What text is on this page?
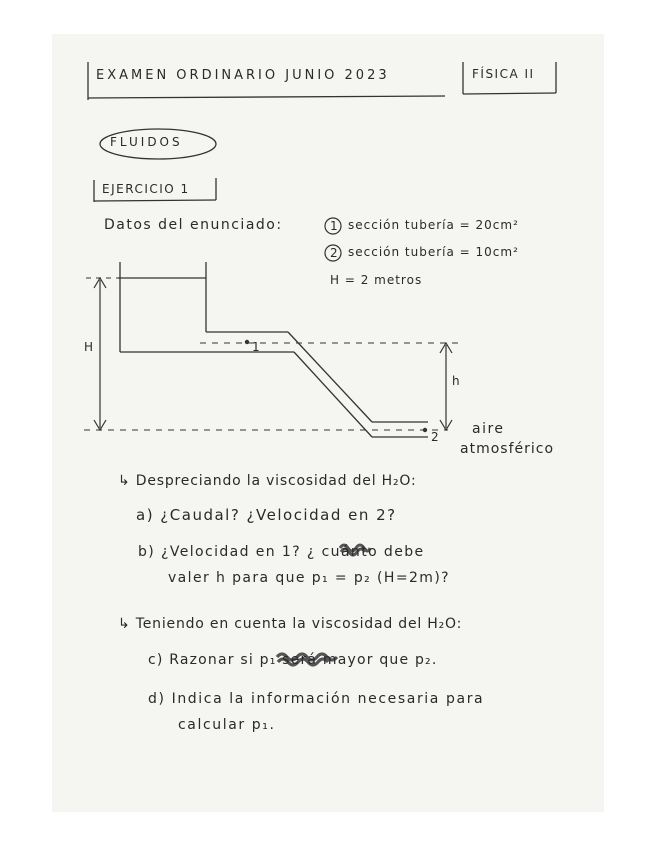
EXAMEN ORDINARIO JUNIO 2023	FÍSICA II
FLUIDOS
EJERCICIO 1
Datos del enunciado:	1 sección tubería = 20cm²
2 sección tubería = 10cm²
H = 2 metros
H
h
1
2 aire
atmosférico
↳ Despreciando la viscosidad del H₂O:
a) ¿Caudal? ¿Velocidad en 2?
b) ¿Velocidad en 1? ¿ cuánto debe
valer h para que p₁ = p₂ (H=2m)?
↳ Teniendo en cuenta la viscosidad del H₂O:
c) Razonar si p₁ será mayor que p₂.
d) Indica la información necesaria para
calcular p₁.
